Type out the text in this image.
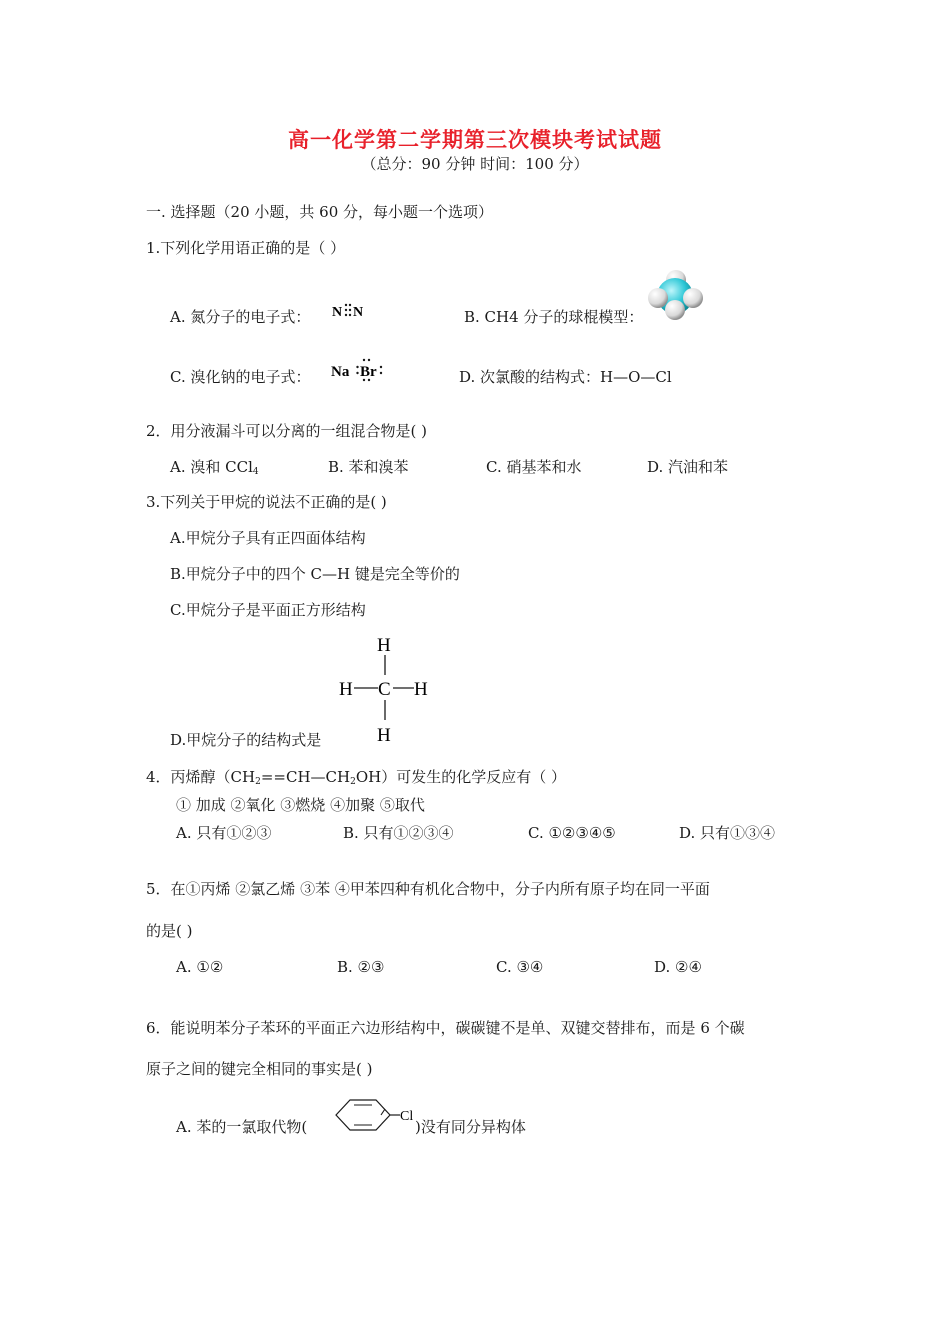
高一化学第二学期第三次模块考试试题
（总分：90 分钟 时间：100 分）
一. 选择题（20 小题，共 60 分，每小题一个选项）
1.下列化学用语正确的是（ ）
A. 氮分子的电子式： N N	B. CH4 分子的球棍模型：
C. 溴化钠的电子式： Na Br	D. 次氯酸的结构式：H—O—Cl
2．用分液漏斗可以分离的一组混合物是( )
A. 溴和 CCl$_4$	B. 苯和溴苯	C. 硝基苯和水	D. 汽油和苯
3.下列关于甲烷的说法不正确的是( )
A.甲烷分子具有正四面体结构
B.甲烷分子中的四个 C—H 键是完全等价的
C.甲烷分子是平面正方形结构
H
H C H
H
D.甲烷分子的结构式是
4．丙烯醇$(CH_2==CH—CH_2OH)$可发生的化学反应有（ ）
① 加成 ②氧化 ③燃烧 ④加聚 ⑤取代
A. 只有①②③	B. 只有①②③④	C. ①②③④⑤	D. 只有①③④
5．在①丙烯 ②氯乙烯 ③苯 ④甲苯四种有机化合物中，分子内所有原子均在同一平面
的是( )
A. ①②	B. ②③	C. ③④	D. ②④
6．能说明苯分子苯环的平面正六边形结构中，碳碳键不是单、双键交替排布，而是 6 个碳
原子之间的键完全相同的事实是( )
A. 苯的一氯取代物(
Cl
)没有同分异构体
